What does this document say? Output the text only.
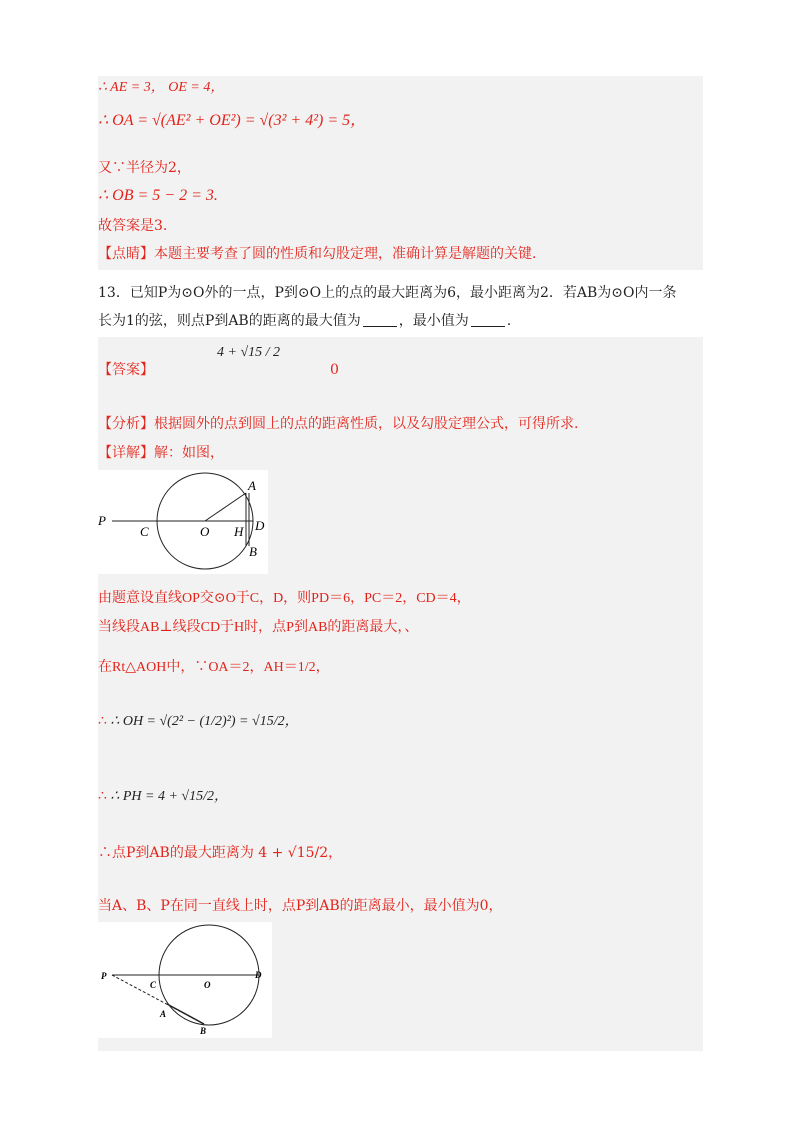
∴ AE = 3， OE = 4，
∴ OA = √(AE² + OE²) = √(3² + 4²) = 5，
又∵半径为2，
∴ OB = 5 − 2 = 3.
故答案是3.
【点睛】本题主要考查了圆的性质和勾股定理，准确计算是解题的关键.
13．已知P为⊙O外的一点，P到⊙O上的点的最大距离为6，最小距离为2．若AB为⊙O内一条
长为1的弦，则点P到AB的距离的最大值为	，最小值为	.
【答案】
4 + √15 / 2
0
【分析】根据圆外的点到圆上的点的距离性质，以及勾股定理公式，可得所求.
【详解】解：如图，
P
C	O H D
A
B
由题意设直线OP交⊙O于C，D，则PD＝6，PC＝2，CD＝4，
当线段AB⊥线段CD于H时，点P到AB的距离最大，、
在Rt△AOH中，∵OA＝2，AH＝1/2，
∴ ∴ OH = √(2² − (1/2)²) = √15/2，
∴ ∴ PH = 4 + √15/2，
∴点P到AB的最大距离为 4 + √15/2，
当A、B、P在同一直线上时，点P到AB的距离最小，最小值为0，
P
C	O
D
A
B
